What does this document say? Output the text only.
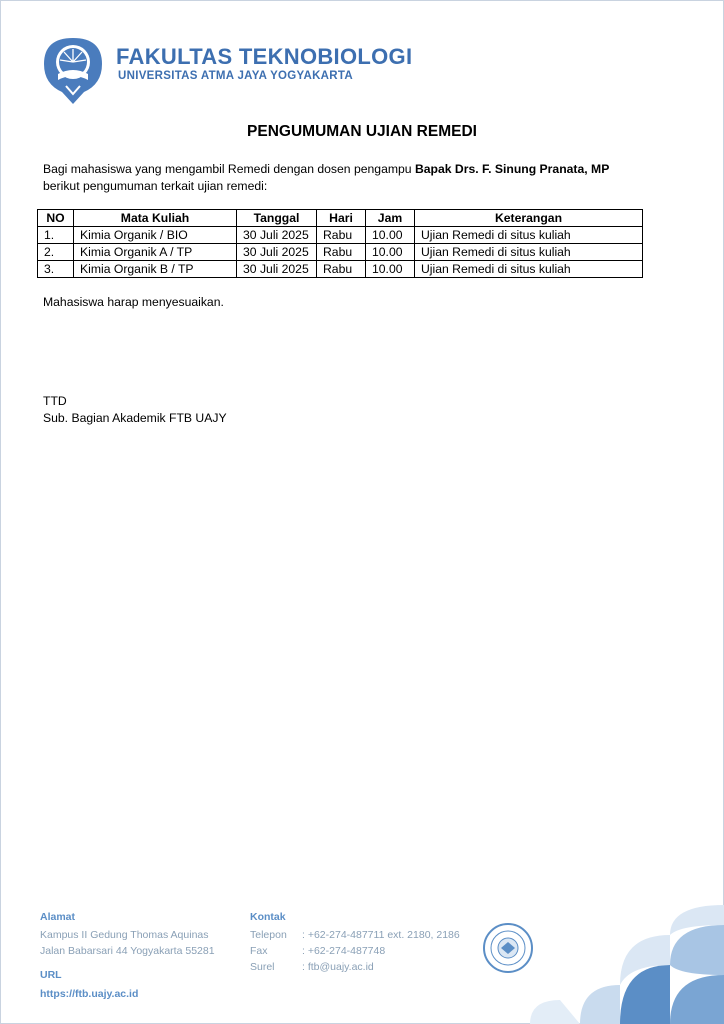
FAKULTAS TEKNOBIOLOGI
UNIVERSITAS ATMA JAYA YOGYAKARTA
PENGUMUMAN UJIAN REMEDI
Bagi mahasiswa yang mengambil Remedi dengan dosen pengampu Bapak Drs. F. Sinung Pranata, MP
berikut pengumuman terkait ujian remedi:
NO	Mata Kuliah	Tanggal	Hari	Jam	Keterangan
1.	Kimia Organik / BIO	30 Juli 2025	Rabu	10.00	Ujian Remedi di situs kuliah
2.	Kimia Organik A / TP	30 Juli 2025	Rabu	10.00	Ujian Remedi di situs kuliah
3.	Kimia Organik B / TP	30 Juli 2025	Rabu	10.00	Ujian Remedi di situs kuliah
Mahasiswa harap menyesuaikan.
TTD
Sub. Bagian Akademik FTB UAJY
Alamat
Kampus II Gedung Thomas Aquinas
Jalan Babarsari 44 Yogyakarta 55281
URL
https://ftb.uajy.ac.id
Kontak
Telepon : +62-274-487711 ext. 2180, 2186
Fax	: +62-274-487748
Surel	: ftb@uajy.ac.id
